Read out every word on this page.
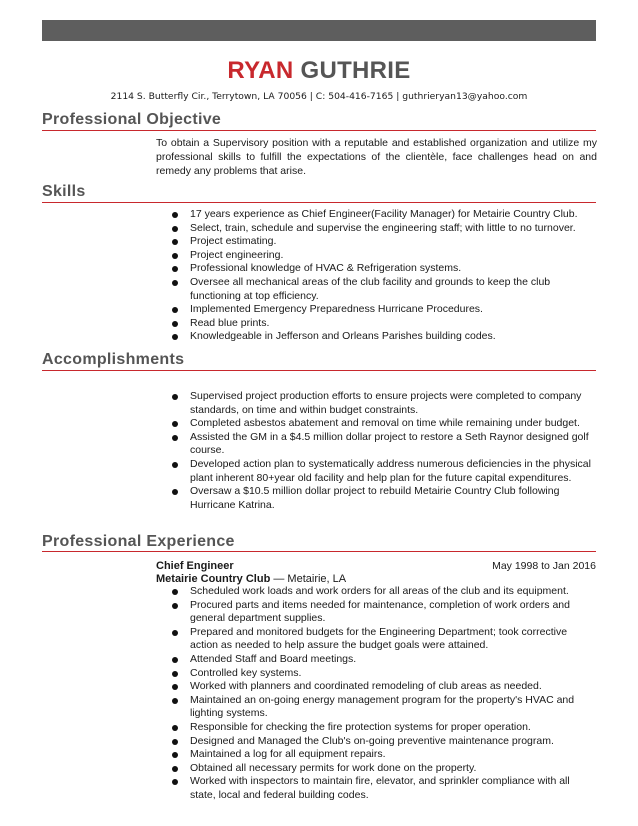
RYAN GUTHRIE
2114 S. Butterfly Cir., Terrytown, LA 70056 | C: 504-416-7165 | guthrieryan13@yahoo.com
Professional Objective
To obtain a Supervisory position with a reputable and established organization and utilize my professional skills to fulfill the expectations of the clientèle, face challenges head on and remedy any problems that arise.
Skills
17 years experience as Chief Engineer(Facility Manager) for Metairie Country Club.
Select, train, schedule and supervise the engineering staff; with little to no turnover.
Project estimating.
Project engineering.
Professional knowledge of HVAC & Refrigeration systems.
Oversee all mechanical areas of the club facility and grounds to keep the club functioning at top efficiency.
Implemented Emergency Preparedness Hurricane Procedures.
Read blue prints.
Knowledgeable in Jefferson and Orleans Parishes building codes.
Accomplishments
Supervised project production efforts to ensure projects were completed to company standards, on time and within budget constraints.
Completed asbestos abatement and removal on time while remaining under budget.
Assisted the GM in a $4.5 million dollar project to restore a Seth Raynor designed golf course.
Developed action plan to systematically address numerous deficiencies in the physical plant inherent 80+year old facility and help plan for the future capital expenditures.
Oversaw a $10.5 million dollar project to rebuild Metairie Country Club following Hurricane Katrina.
Professional Experience
Chief Engineer	May 1998 to Jan 2016
Metairie Country Club — Metairie, LA
Scheduled work loads and work orders for all areas of the club and its equipment.
Procured parts and items needed for maintenance, completion of work orders and general department supplies.
Prepared and monitored budgets for the Engineering Department; took corrective action as needed to help assure the budget goals were attained.
Attended Staff and Board meetings.
Controlled key systems.
Worked with planners and coordinated remodeling of club areas as needed.
Maintained an on-going energy management program for the property's HVAC and lighting systems.
Responsible for checking the fire protection systems for proper operation.
Designed and Managed the Club's on-going preventive maintenance program.
Maintained a log for all equipment repairs.
Obtained all necessary permits for work done on the property.
Worked with inspectors to maintain fire, elevator, and sprinkler compliance with all state, local and federal building codes.
